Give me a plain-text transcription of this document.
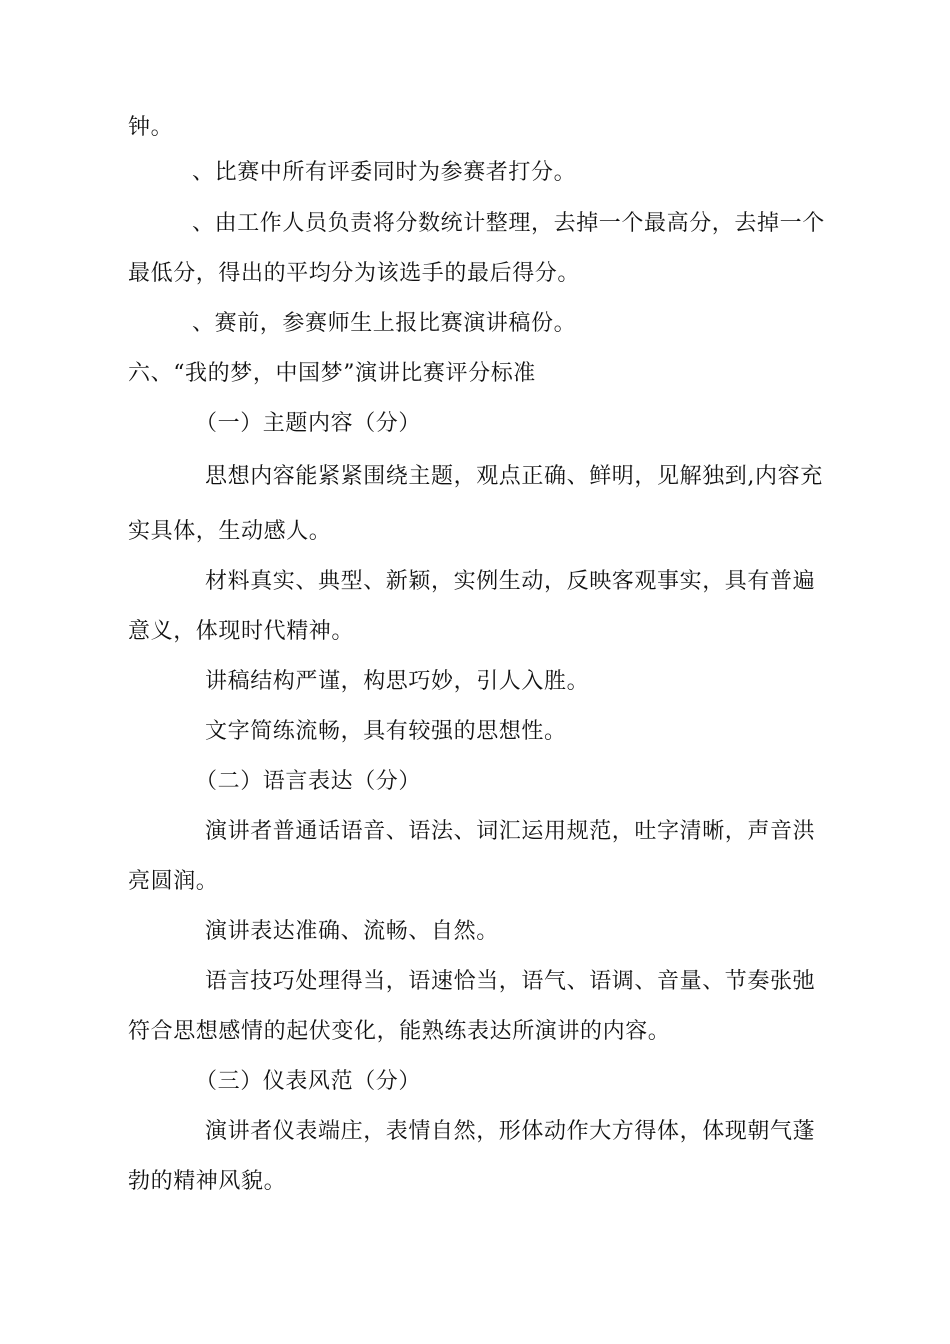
钟。

、比赛中所有评委同时为参赛者打分。

、由工作人员负责将分数统计整理，去掉一个最高分，去掉一个

最低分，得出的平均分为该选手的最后得分。

、赛前，参赛师生上报比赛演讲稿份。

六、“我的梦，中国梦”演讲比赛评分标准

（一）主题内容（分）

思想内容能紧紧围绕主题，观点正确、鲜明，见解独到,内容充

实具体，生动感人。

材料真实、典型、新颖，实例生动，反映客观事实，具有普遍

意义，体现时代精神。

讲稿结构严谨，构思巧妙，引人入胜。

文字简练流畅，具有较强的思想性。

（二）语言表达（分）

演讲者普通话语音、语法、词汇运用规范，吐字清晰，声音洪

亮圆润。

演讲表达准确、流畅、自然。

语言技巧处理得当，语速恰当，语气、语调、音量、节奏张弛

符合思想感情的起伏变化，能熟练表达所演讲的内容。

（三）仪表风范（分）

演讲者仪表端庄，表情自然，形体动作大方得体，体现朝气蓬

勃的精神风貌。
